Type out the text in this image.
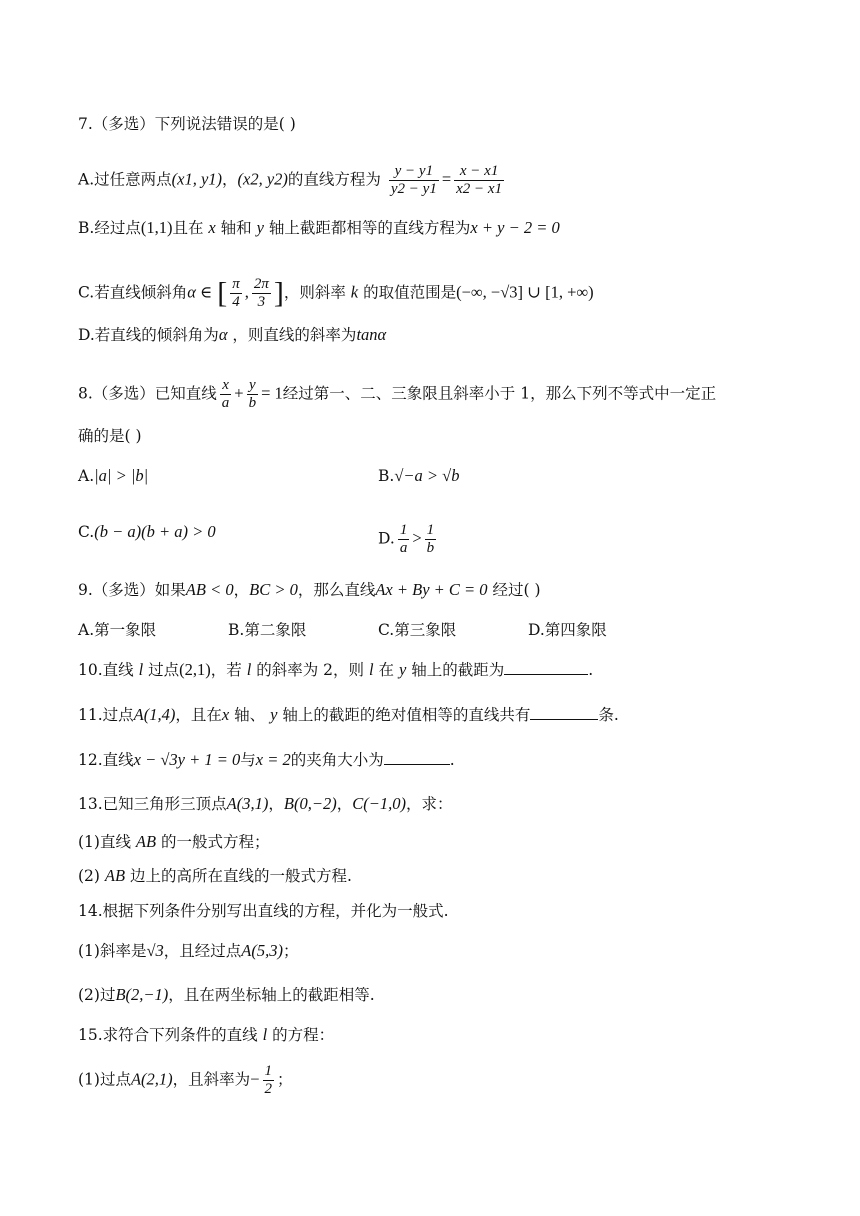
7.（多选）下列说法错误的是( )
A.过任意两点(x1, y1)，(x2, y2)的直线方程为 $\frac{y - y1}{y2 - y1} = \frac{x - x1}{x2 - x1}$
B.经过点(1,1)且在 x 轴和 y 轴上截距都相等的直线方程为x + y − 2 = 0
C.若直线倾斜角α ∈ [ $\frac{\pi}{4}$ , $\frac{2\pi}{3}$ ]，则斜率 k 的取值范围是(−∞, −√3] ∪ [1, +∞)
D.若直线的倾斜角为α ，则直线的斜率为tanα
8.（多选）已知直线 $\frac{x}{a} + \frac{y}{b} = 1$经过第一、二、三象限且斜率小于 1，那么下列不等式中一定正
确的是( )
A.|a| > |b|	B.√−a > √b
C.(b − a)(b + a) > 0	D. $\frac{1}{a} > \frac{1}{b}$
9.（多选）如果AB < 0，BC > 0，那么直线Ax + By + C = 0 经过( )
A.第一象限	B.第二象限	C.第三象限	D.第四象限
10.直线 l 过点(2,1)，若 l 的斜率为 2，则 l 在 y 轴上的截距为	.
11.过点A(1,4)，且在x 轴、 y 轴上的截距的绝对值相等的直线共有	条.
12.直线x − √3y + 1 = 0与x = 2的夹角大小为	.
13.已知三角形三顶点A(3,1)，B(0,−2)，C(−1,0)，求：
(1)直线 AB 的一般式方程；
(2) AB 边上的高所在直线的一般式方程.
14.根据下列条件分别写出直线的方程，并化为一般式.
(1)斜率是√3，且经过点A(5,3)；
(2)过B(2,−1)，且在两坐标轴上的截距相等.
15.求符合下列条件的直线 l 的方程：
(1)过点A(2,1)，且斜率为− $\frac{1}{2}$ ；
